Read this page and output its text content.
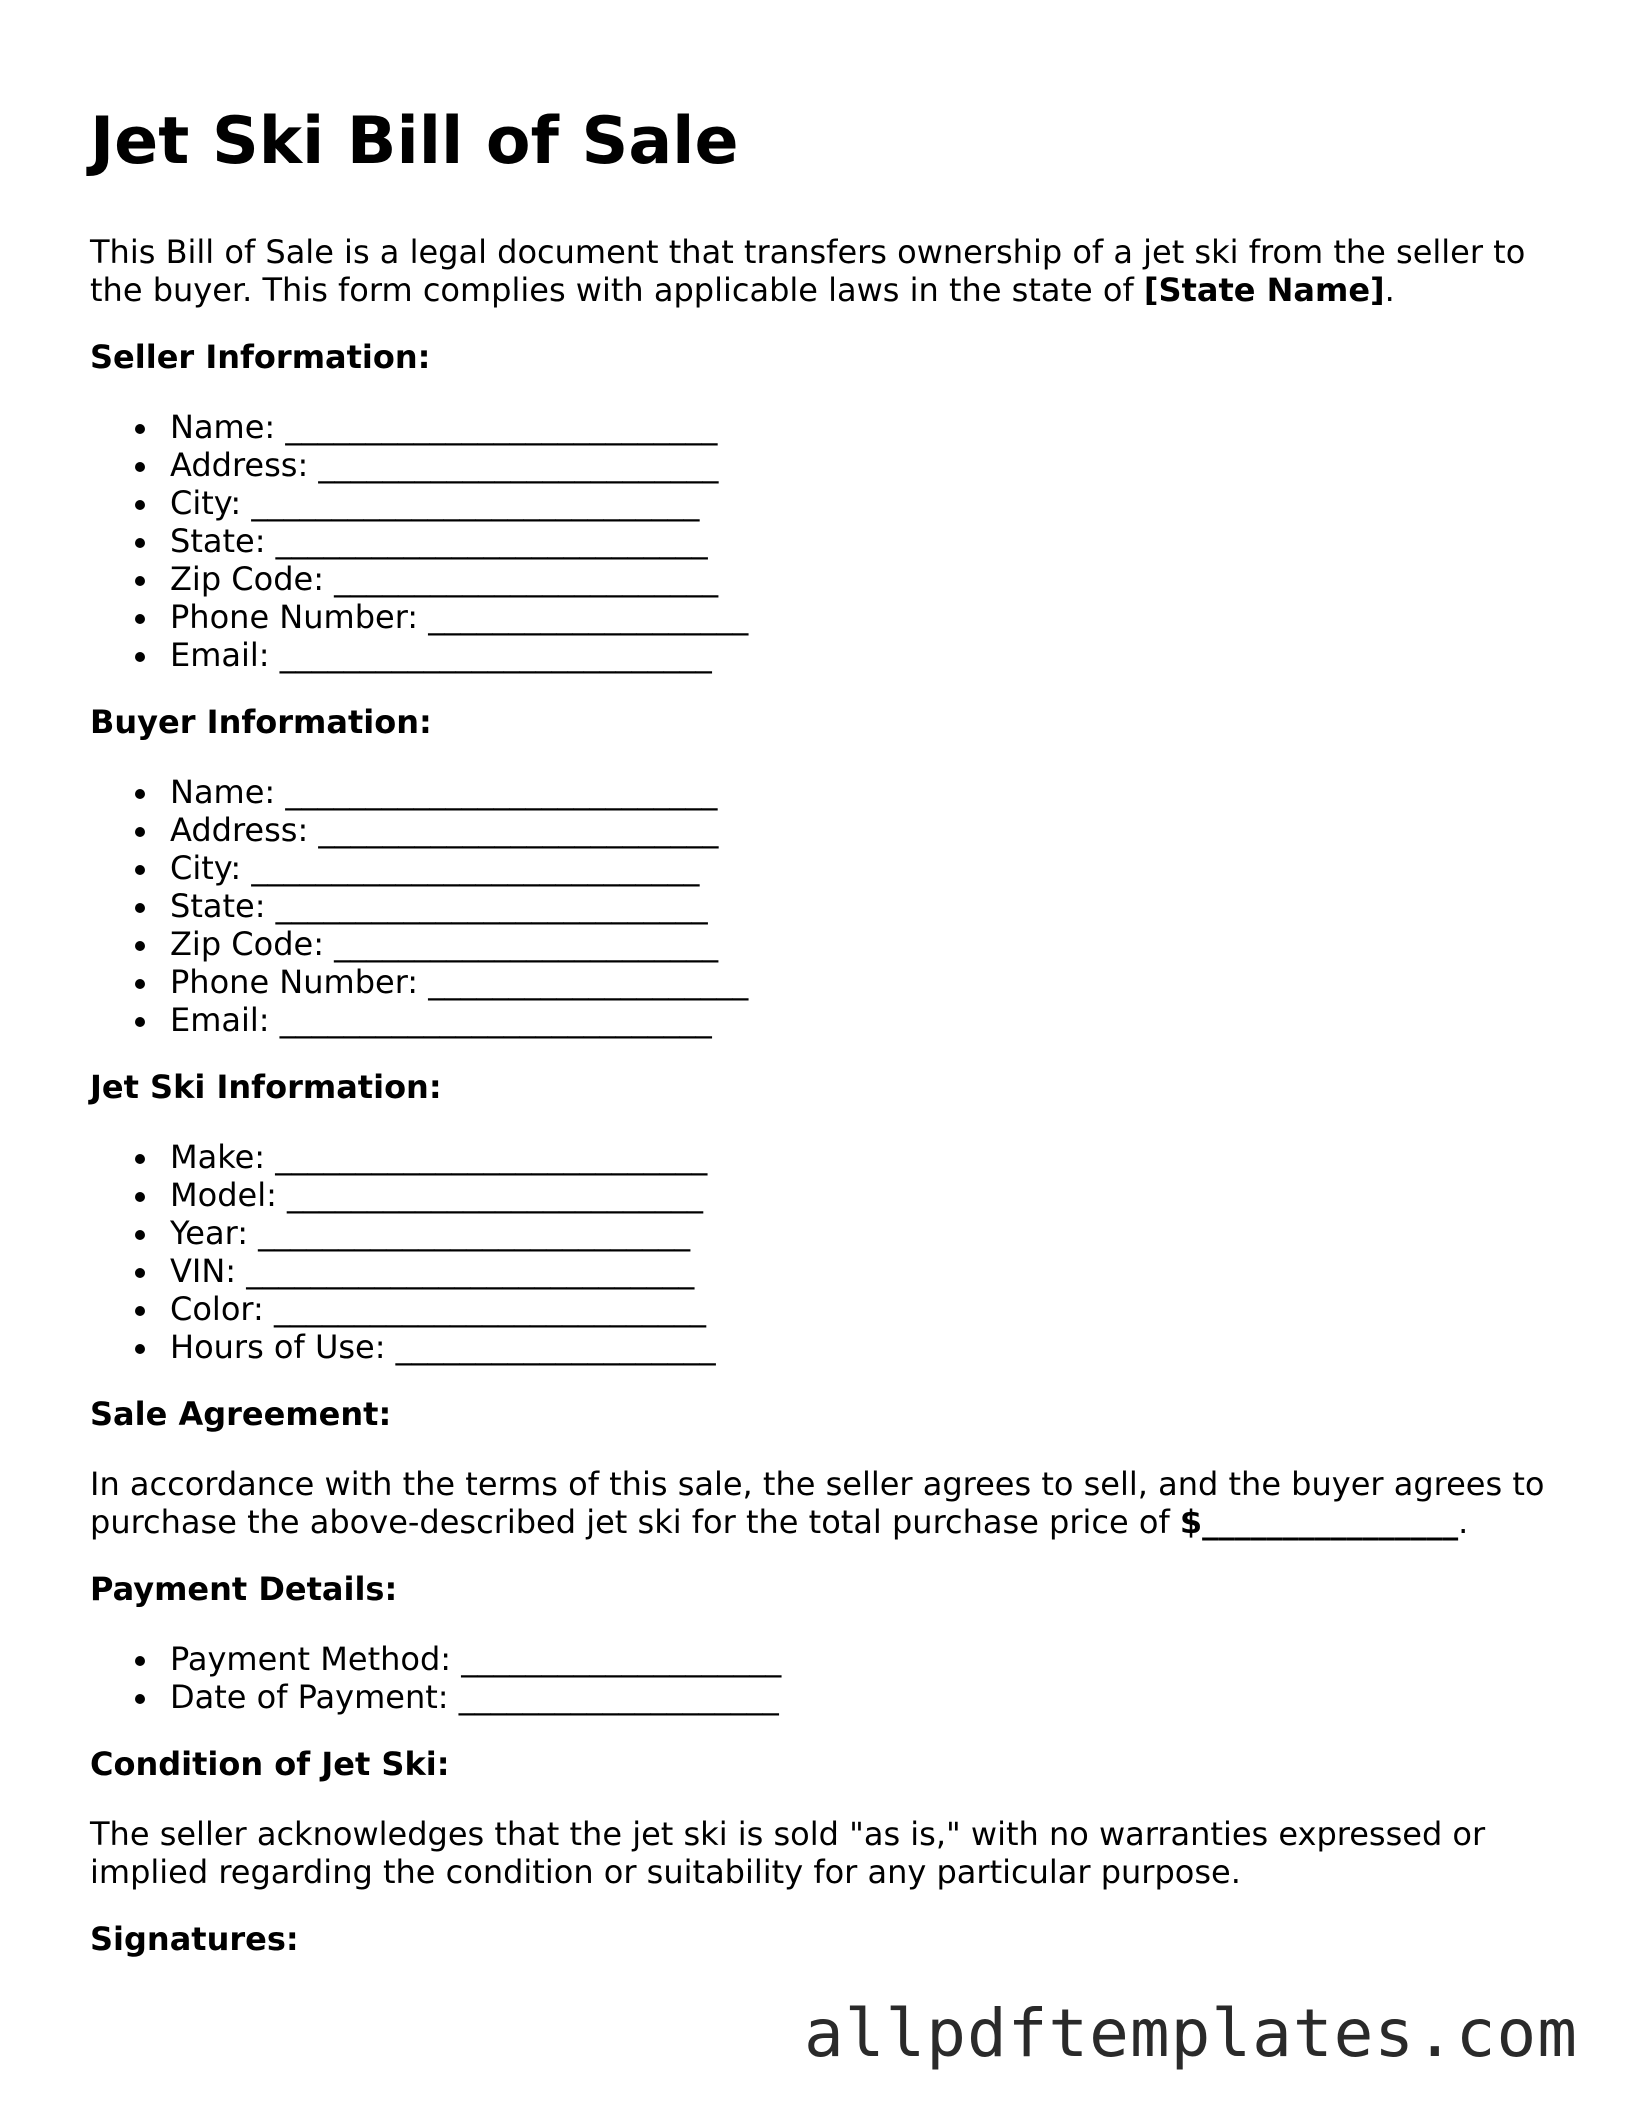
Jet Ski Bill of Sale

This Bill of Sale is a legal document that transfers ownership of a jet ski from the seller to the buyer. This form complies with applicable laws in the state of [State Name].

Seller Information:
Name: ___________________________
Address: _________________________
City: ____________________________
State: ___________________________
Zip Code: ________________________
Phone Number: ____________________
Email: ___________________________
Buyer Information:
Name: ___________________________
Address: _________________________
City: ____________________________
State: ___________________________
Zip Code: ________________________
Phone Number: ____________________
Email: ___________________________
Jet Ski Information:
Make: ___________________________
Model: __________________________
Year: ___________________________
VIN: ____________________________
Color: ___________________________
Hours of Use: ____________________
Sale Agreement:

In accordance with the terms of this sale, the seller agrees to sell, and the buyer agrees to purchase the above-described jet ski for the total purchase price of $________________.

Payment Details:
Payment Method: ____________________
Date of Payment: ____________________
Condition of Jet Ski:

The seller acknowledges that the jet ski is sold "as is," with no warranties expressed or implied regarding the condition or suitability for any particular purpose.

Signatures:
allpdftemplates.com
